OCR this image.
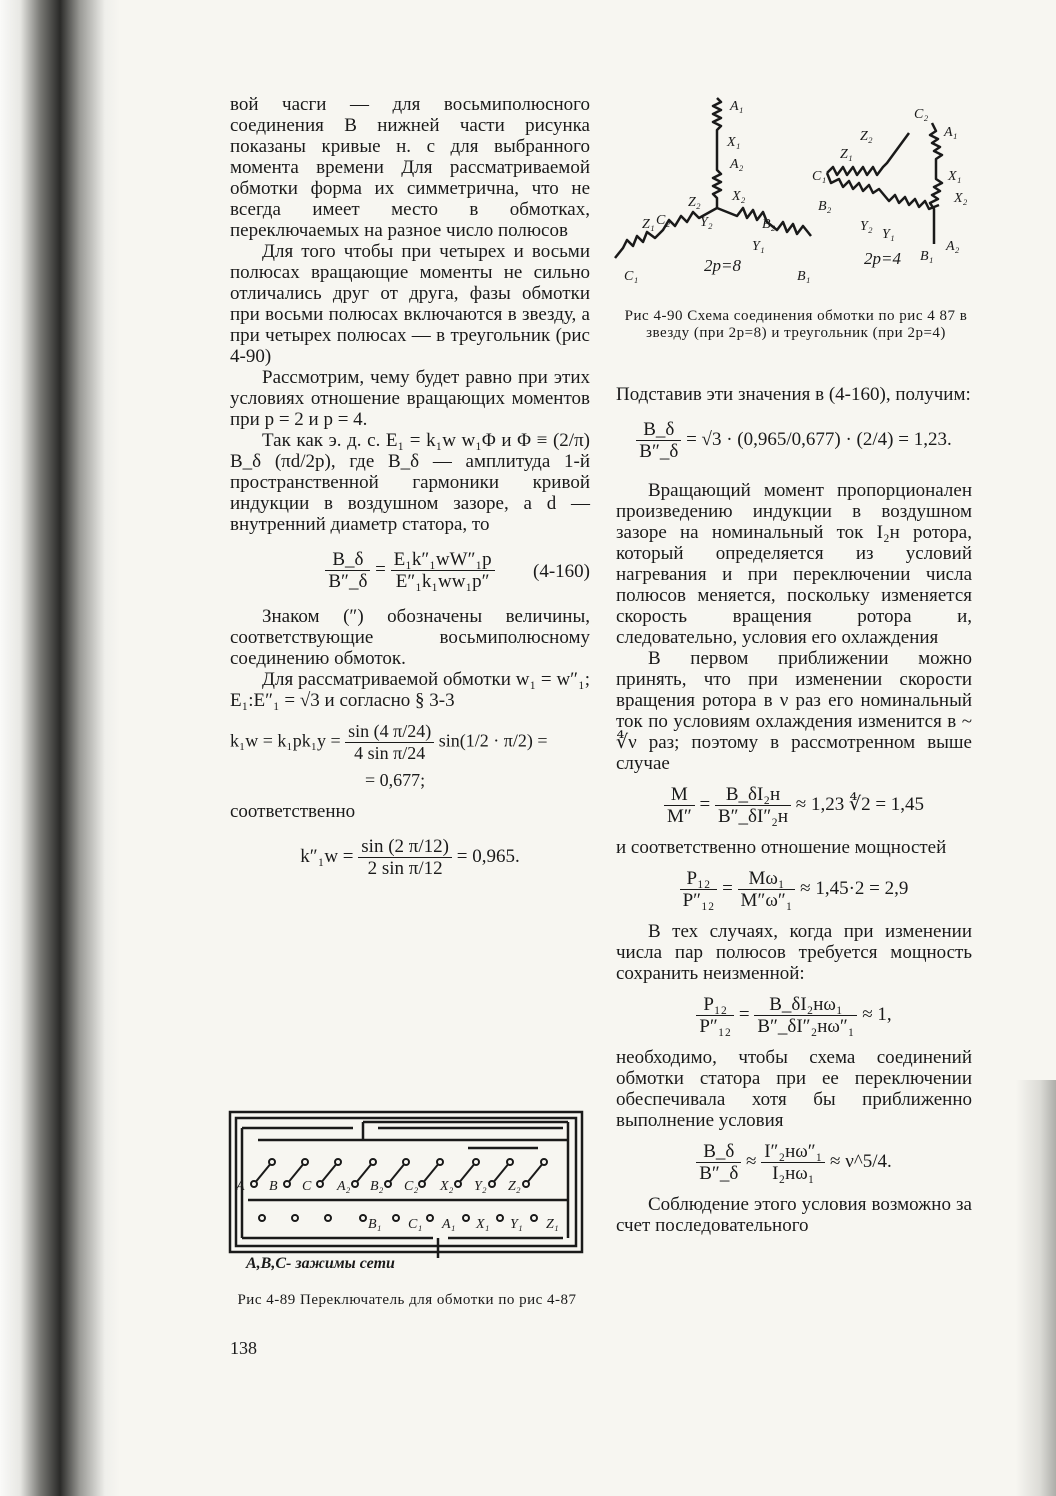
вой часги — для восьмиполюсного соединения В нижней части рисунка показаны кривые н. с для выбранного момента времени Для рассматриваемой обмотки форма их симметрична, что не всегда имеет место в обмотках, переключаемых на разное число полюсов

Для того чтобы при четырех и восьми полюсах вращающие моменты не сильно отличались друг от друга, фазы обмотки при восьми полюсах включаются в звезду, а при четырех полюсах — в треугольник (рис 4-90)

Рассмотрим, чему будет равно при этих условиях отношение вращающих моментов при p = 2 и p = 4.

Так как э. д. с. E₁ = k₁w w₁Φ и Φ ≡ (2/π) B_δ (πd/2p), где B_δ — амплитуда 1-й пространственной гармоники кривой индукции в воздушном зазоре, а d — внутренний диаметр статора, то

$\frac{B\_\delta}{B''\_\delta} = \frac{\text{E₁k″₁wW″₁p}}{\text{E″₁k₁ww₁p″}} (4-160)$

Знаком (″) обозначены величины, соответствующие восьмиполюсному соединению обмоток.

Для рассматриваемой обмотки w₁ = w″₁; E₁:E″₁ = √3 и согласно § 3-3

$k_1w = k_1pk_1y = \frac{\sin (4 \pi/24)}{\text{4 sin π/24}} \sin(1/2 \cdot \pi/2)$ =
= 0,677;

соответственно

$k''_1w = \frac{\sin (2 \pi/12)}{\text{2 sin π/12}} = 0,965$.
A B C A₂ B₂ C₂ X₂ Y₂ Z₂
B₁ C₁ A₁ X₁ Y₁ Z₁
A,B,C- зажимы сети
Рис 4-89 Переключатель для обмотки по рис 4-87
138
A₁
X₁
A₂
Z₂ X₂
C₂ Y₂	B₂
Z₁
Y₁
C₁	B₁
C₂
Z₂	A₁
Z₁
X₁
C₁
X₂
B₂
Y₂
Y₁
A₂
B₁
2p=8	2p=4
Рис 4-90 Схема соединения обмотки по рис 4 87 в звезду (при 2p=8) и треугольник (при 2p=4)

Подставив эти значения в (4-160), получим:

$\frac{B\_\delta}{B''\_\delta} = √3 \cdot (0,965/0,677) \cdot (2/4) = 1,23$.

Вращающий момент пропорционален произведению индукции в воздушном зазоре на номинальный ток I₂н ротора, который определяется из условий нагревания и при переключении числа полюсов меняется, поскольку изменяется скорость вращения ротора и, следовательно, условия его охлаждения

В первом приближении можно принять, что при изменении скорости вращения ротора в ν раз его номинальный ток по условиям охлаждения изменится в ~ ∜ν раз; поэтому в рассмотренном выше случае

$\frac{M}{M''} = \frac{\text{B\_δI₂н}}{\text{B″\_δI″₂н}} \approx 1,23$ ∜2 = 1,45

и соответственно отношение мощностей

$\frac{\text{P₁₂}}{\text{P″₁₂}} = \frac{\text{Mω₁}}{\text{M″ω″₁}} \approx 1,45\cdot 2 = 2,9$

В тех случаях, когда при изменении числа пар полюсов требуется мощность сохранить неизменной:

$\frac{\text{P₁₂}}{\text{P″₁₂}} = \frac{\text{B\_δI₂нω₁}}{\text{B″\_δI″₂нω″₁}} \approx 1$,

необходимо, чтобы схема соединений обмотки статора при ее переключении обеспечивала хотя бы приближенно выполнение условия

$\frac{B\_\delta}{B''\_\delta} \approx \frac{\text{I″₂нω″₁}}{\text{I₂нω₁}}$ ≈ ν^5/4.

Соблюдение этого условия возможно за счет последовательного
